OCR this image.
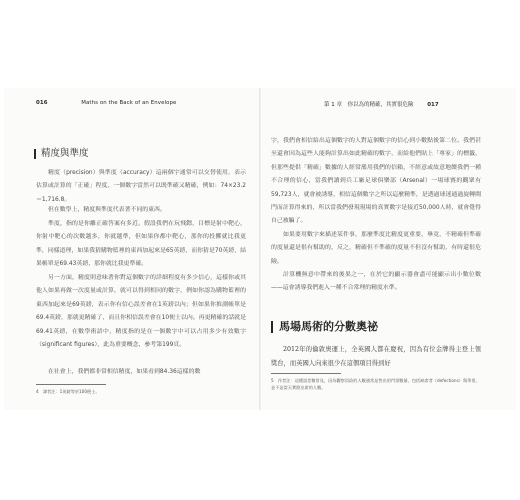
016	Maths on the Back of an Envelope
精度與準度

精度（precision）與準度（accuracy）這兩個字通常可以交替使用，表示估算或計算的「正確」程度，一個數字當然可以既準確又精確，例如：74×23.2＝1,716.8。

但在數學上，精度與準度代表著不同的東西。

準度，指的是你離正確答案有多近。假設我們在玩飛鏢，目標是射中靶心，你射中靶心的次數越多，你就越準，但如果你都中靶心，那你的投擲就比我更準，同樣道理，如果我猜購物籃裡的東西加起來是65英鎊，而你猜是70英鎊，結果帳單是69.43英鎊，那你就比我更準確。

另一方面，精度則意味著你對這個數字的詳細程度有多少信心，這樣你或其他人如果再做一次度量或計算，就可以得到相同的數字，例如你認為購物籃裡的東西加起來是69英鎊，表示你有信心誤差會在1英鎊以內；但如果你推測帳單是69.4英鎊，那就更精確了，而且你相信誤差會在10便士以內。再更精確的話就是69.41英鎊，在數學術語中，精度指的是在一個數字中可以占用多少有效數字（significant figures），此為重要概念，參考第199頁。

在社會上，我們都非常相信精度，如果看到84.36這樣的數

4　譯者注：1英鎊等於100便士。
第 1 章　你以為的精確，其實很危險	017

字，我們會相信給出這個數字的人對這個數字的信心到小數點後第二位。我們甚至還會因為這些人能夠計算出如此精確的數字，而給他們貼上「專家」的標籤，但那些提供「精確」數據的人經常濫用我們的信賴，不經意或故意地餵我們一種不合理的信心，當我們讀到兵工廠足球俱樂部（Arsenal）一場球賽的觀眾有59,723人，就會被誘導，相信這個數字之所以這麼精準，是透過球迷通過旋轉閘門而計算得來的，所以當我們發現現場的真實數字是接近50,000人時，就會覺得自己被騙了。

如果要用數字來描述某件事，那麼準度比精度更重要，畢竟，不精確但準確的度量還是很有幫助的，反之，精確但不準確的度量不但沒有幫助，有時還很危險。

計算機無意中帶來的後果之一，在於它的顯示器會盡可能顯示出小數位數——這會誘導我們進入一種不合常理的精度水準。

馬場馬術的分數奧祕

2012年的倫敦奧運上，全英國人都在慶祝，因為有位金牌得主登上領獎台，而英國人向來很少在這個項目得到好

5　作者注：這種誤差數常見，因為觀察員給的人數通常是售出的門票數量，包括缺席者（defections）與季票，並不是當天實際出席的人數。
